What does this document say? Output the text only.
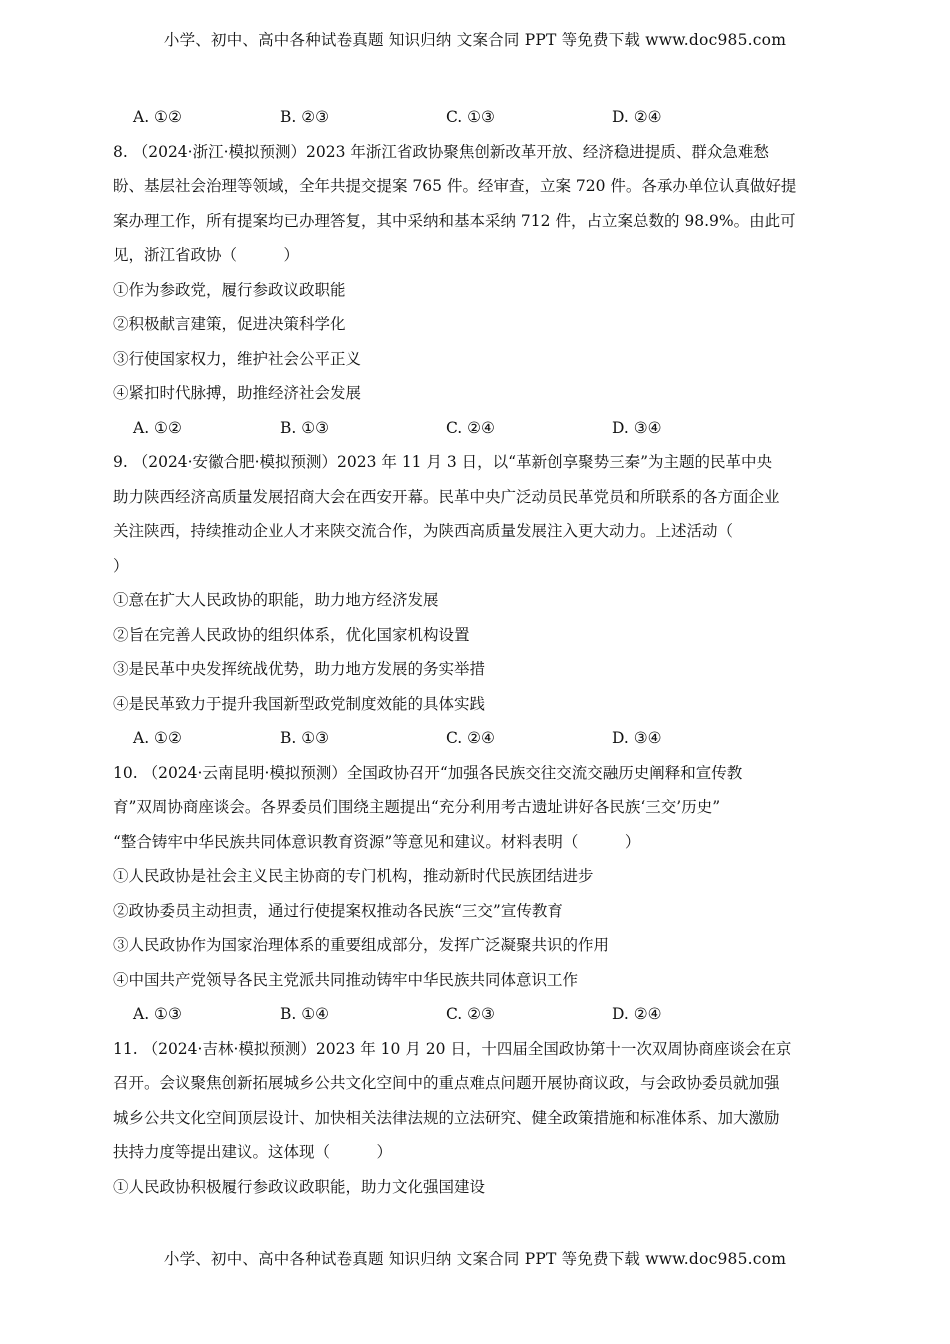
小学、初中、高中各种试卷真题 知识归纳 文案合同 PPT 等免费下载 www.doc985.com
A. ①②	B. ②③	C. ①③	D. ②④
8. （2024·浙江·模拟预测）2023 年浙江省政协聚焦创新改革开放、经济稳进提质、群众急难愁
盼、基层社会治理等领域，全年共提交提案 765 件。经审查，立案 720 件。各承办单位认真做好提
案办理工作，所有提案均已办理答复，其中采纳和基本采纳 712 件，占立案总数的 98.9%。由此可
见，浙江省政协（　　　）
①作为参政党，履行参政议政职能
②积极献言建策，促进决策科学化
③行使国家权力，维护社会公平正义
④紧扣时代脉搏，助推经济社会发展
A. ①②	B. ①③	C. ②④	D. ③④
9. （2024·安徽合肥·模拟预测）2023 年 11 月 3 日，以“革新创享聚势三秦”为主题的民革中央
助力陕西经济高质量发展招商大会在西安开幕。民革中央广泛动员民革党员和所联系的各方面企业
关注陕西，持续推动企业人才来陕交流合作，为陕西高质量发展注入更大动力。上述活动（
）
①意在扩大人民政协的职能，助力地方经济发展
②旨在完善人民政协的组织体系，优化国家机构设置
③是民革中央发挥统战优势，助力地方发展的务实举措
④是民革致力于提升我国新型政党制度效能的具体实践
A. ①②	B. ①③	C. ②④	D. ③④
10. （2024·云南昆明·模拟预测）全国政协召开“加强各民族交往交流交融历史阐释和宣传教
育”双周协商座谈会。各界委员们围绕主题提出“充分利用考古遗址讲好各民族‘三交’历史”
“整合铸牢中华民族共同体意识教育资源”等意见和建议。材料表明（　　　）
①人民政协是社会主义民主协商的专门机构，推动新时代民族团结进步
②政协委员主动担责，通过行使提案权推动各民族“三交”宣传教育
③人民政协作为国家治理体系的重要组成部分，发挥广泛凝聚共识的作用
④中国共产党领导各民主党派共同推动铸牢中华民族共同体意识工作
A. ①③	B. ①④	C. ②③	D. ②④
11. （2024·吉林·模拟预测）2023 年 10 月 20 日，十四届全国政协第十一次双周协商座谈会在京
召开。会议聚焦创新拓展城乡公共文化空间中的重点难点问题开展协商议政，与会政协委员就加强
城乡公共文化空间顶层设计、加快相关法律法规的立法研究、健全政策措施和标准体系、加大激励
扶持力度等提出建议。这体现（　　　）
①人民政协积极履行参政议政职能，助力文化强国建设
小学、初中、高中各种试卷真题 知识归纳 文案合同 PPT 等免费下载 www.doc985.com
